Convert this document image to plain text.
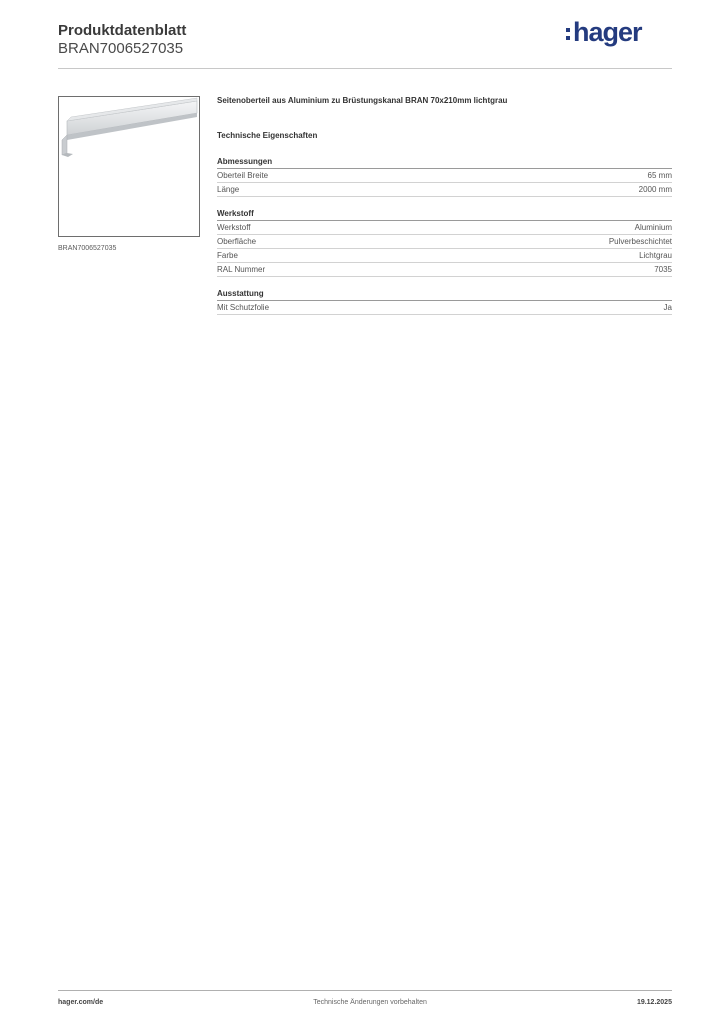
Produktdatenblatt
BRAN7006527035
hager
BRAN7006527035
Seitenoberteil aus Aluminium zu Brüstungskanal BRAN 70x210mm lichtgrau
Technische Eigenschaften
Abmessungen
Oberteil Breite	65 mm
Länge	2000 mm
Werkstoff
Werkstoff	Aluminium
Oberfläche	Pulverbeschichtet
Farbe	Lichtgrau
RAL Nummer	7035
Ausstattung
Mit Schutzfolie	Ja
hager.com/de	Technische Änderungen vorbehalten	19.12.2025
